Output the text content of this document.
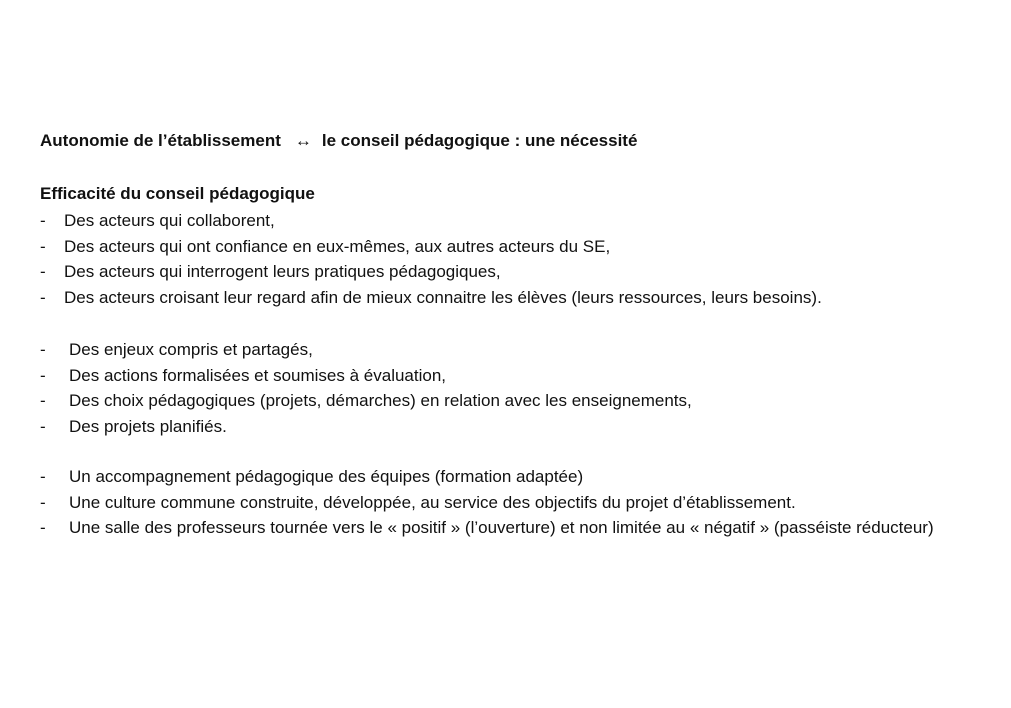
Autonomie de l’établissement ↔ le conseil pédagogique : une nécessité
Efficacité du conseil pédagogique
- Des acteurs qui collaborent,
- Des acteurs qui ont confiance en eux-mêmes, aux autres acteurs du SE,
- Des acteurs qui interrogent leurs pratiques pédagogiques,
- Des acteurs croisant leur regard afin de mieux connaitre les élèves (leurs ressources, leurs besoins).
- Des enjeux compris et partagés,
- Des actions formalisées et soumises à évaluation,
- Des choix pédagogiques (projets, démarches) en relation avec les enseignements,
- Des projets planifiés.
- Un accompagnement pédagogique des équipes (formation adaptée)
- Une culture commune construite, développée, au service des objectifs du projet d’établissement.
- Une salle des professeurs tournée vers le « positif » (l’ouverture) et non limitée au « négatif » (passéiste réducteur)
